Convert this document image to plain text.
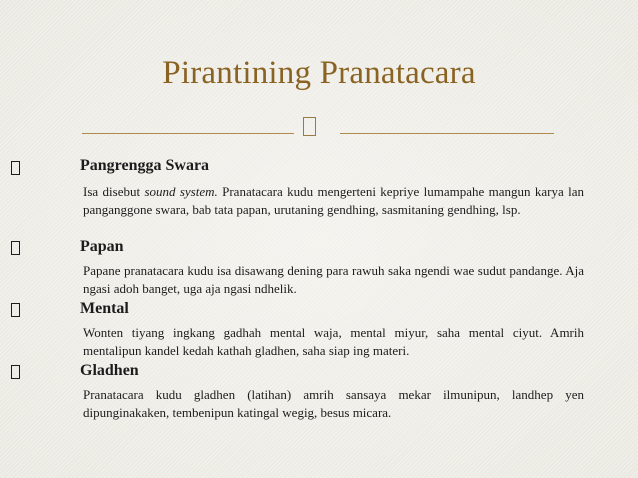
Pirantining Pranatacara
Pangrengga Swara
Isa disebut sound system. Pranatacara kudu mengerteni kepriye lumampahe mangun karya lan panganggone swara, bab tata papan, urutaning gendhing, sasmitaning gendhing, lsp.
Papan
Papane pranatacara kudu isa disawang dening para rawuh saka ngendi wae sudut pandange. Aja ngasi adoh banget, uga aja ngasi ndhelik.
Mental
Wonten tiyang ingkang gadhah mental waja, mental miyur, saha mental ciyut. Amrih mentalipun kandel kedah kathah gladhen, saha siap ing materi.
Gladhen
Pranatacara kudu gladhen (latihan) amrih sansaya mekar ilmunipun, landhep yen dipunginakaken, tembenipun katingal wegig, besus micara.
